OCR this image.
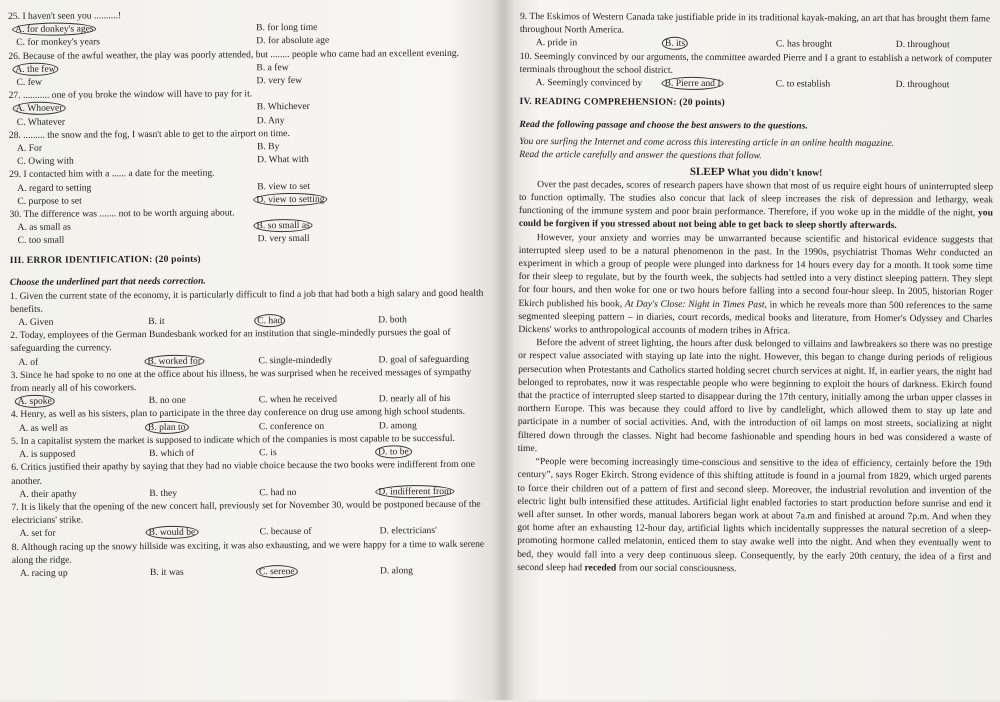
25. I haven't seen you ..........!

A. for donkey's ages	B. for long time
C. for monkey's years	D. for absolute age

26. Because of the awful weather, the play was poorly attended, but ........ people who came had an excellent evening.

A. the few	B. a few
C. few	D. very few

27. ........... one of you broke the window will have to pay for it.

A. Whoever	B. Whichever
C. Whatever	D. Any

28. ......... the snow and the fog, I wasn't able to get to the airport on time.

A. For	B. By
C. Owing with	D. What with

29. I contacted him with a ...... a date for the meeting.

A. regard to setting	B. view to set
C. purpose to set	D. view to setting

30. The difference was ....... not to be worth arguing about.

A. as small as	B. so small as
C. too small	D. very small

III. ERROR IDENTIFICATION: (20 points)

Choose the underlined part that needs correction.

1. Given the current state of the economy, it is particularly difficult to find a job that had both a high salary and good health benefits.

A. Given	B. it	C. had	D. both

2. Today, employees of the German Bundesbank worked for an institution that single-mindedly pursues the goal of safeguarding the currency.

A. of	B. worked for	C. single-mindedly	D. goal of safeguarding

3. Since he had spoke to no one at the office about his illness, he was surprised when he received messages of sympathy from nearly all of his coworkers.

A. spoke	B. no one	C. when he received	D. nearly all of his

4. Henry, as well as his sisters, plan to participate in the three day conference on drug use among high school students.

A. as well as	B. plan to	C. conference on	D. among

5. In a capitalist system the market is supposed to indicate which of the companies is most capable to be successful.

A. is supposed	B. which of	C. is	D. to be

6. Critics justified their apathy by saying that they had no viable choice because the two books were indifferent from one another.

A. their apathy	B. they	C. had no	D. indifferent from

7. It is likely that the opening of the new concert hall, previously set for November 30, would be postponed because of the electricians' strike.

A. set for	B. would be	C. because of	D. electricians'

8. Although racing up the snowy hillside was exciting, it was also exhausting, and we were happy for a time to walk serene along the ridge.

A. racing up	B. it was	C. serene	D. along

9. The Eskimos of Western Canada take justifiable pride in its traditional kayak-making, an art that has brought them fame throughout North America.

A. pride in	B. its	C. has brought	D. throughout

10. Seemingly convinced by our arguments, the committee awarded Pierre and I a grant to establish a network of computer terminals throughout the school district.

A. Seemingly convinced by	B. Pierre and I	C. to establish	D. throughout

IV. READING COMPREHENSION: (20 points)

Read the following passage and choose the best answers to the questions.

You are surfing the Internet and come across this interesting article in an online health magazine.

Read the article carefully and answer the questions that follow.

SLEEP What you didn't know!

Over the past decades, scores of research papers have shown that most of us require eight hours of uninterrupted sleep to function optimally. The studies also concur that lack of sleep increases the risk of depression and lethargy, weak functioning of the immune system and poor brain performance. Therefore, if you woke up in the middle of the night, you could be forgiven if you stressed about not being able to get back to sleep shortly afterwards.

However, your anxiety and worries may be unwarranted because scientific and historical evidence suggests that interrupted sleep used to be a natural phenomenon in the past. In the 1990s, psychiatrist Thomas Wehr conducted an experiment in which a group of people were plunged into darkness for 14 hours every day for a month. It took some time for their sleep to regulate, but by the fourth week, the subjects had settled into a very distinct sleeping pattern. They slept for four hours, and then woke for one or two hours before falling into a second four-hour sleep. In 2005, historian Roger Ekirch published his book, At Day's Close: Night in Times Past, in which he reveals more than 500 references to the same segmented sleeping pattern – in diaries, court records, medical books and literature, from Homer's Odyssey and Charles Dickens' works to anthropological accounts of modern tribes in Africa.

Before the advent of street lighting, the hours after dusk belonged to villains and lawbreakers so there was no prestige or respect value associated with staying up late into the night. However, this began to change during periods of religious persecution when Protestants and Catholics started holding secret church services at night. If, in earlier years, the night had belonged to reprobates, now it was respectable people who were beginning to exploit the hours of darkness. Ekirch found that the practice of interrupted sleep started to disappear during the 17th century, initially among the urban upper classes in northern Europe. This was because they could afford to live by candlelight, which allowed them to stay up late and participate in a number of social activities. And, with the introduction of oil lamps on most streets, socializing at night filtered down through the classes. Night had become fashionable and spending hours in bed was considered a waste of time.

“People were becoming increasingly time-conscious and sensitive to the idea of efficiency, certainly before the 19th century”, says Roger Ekirch. Strong evidence of this shifting attitude is found in a journal from 1829, which urged parents to force their children out of a pattern of first and second sleep. Moreover, the industrial revolution and invention of the electric light bulb intensified these attitudes. Artificial light enabled factories to start production before sunrise and end it well after sunset. In other words, manual laborers began work at about 7a.m and finished at around 7p.m. And when they got home after an exhausting 12-hour day, artificial lights which incidentally suppresses the natural secretion of a sleep-promoting hormone called melatonin, enticed them to stay awake well into the night. And when they eventually went to bed, they would fall into a very deep continuous sleep. Consequently, by the early 20th century, the idea of a first and second sleep had receded from our social consciousness.
